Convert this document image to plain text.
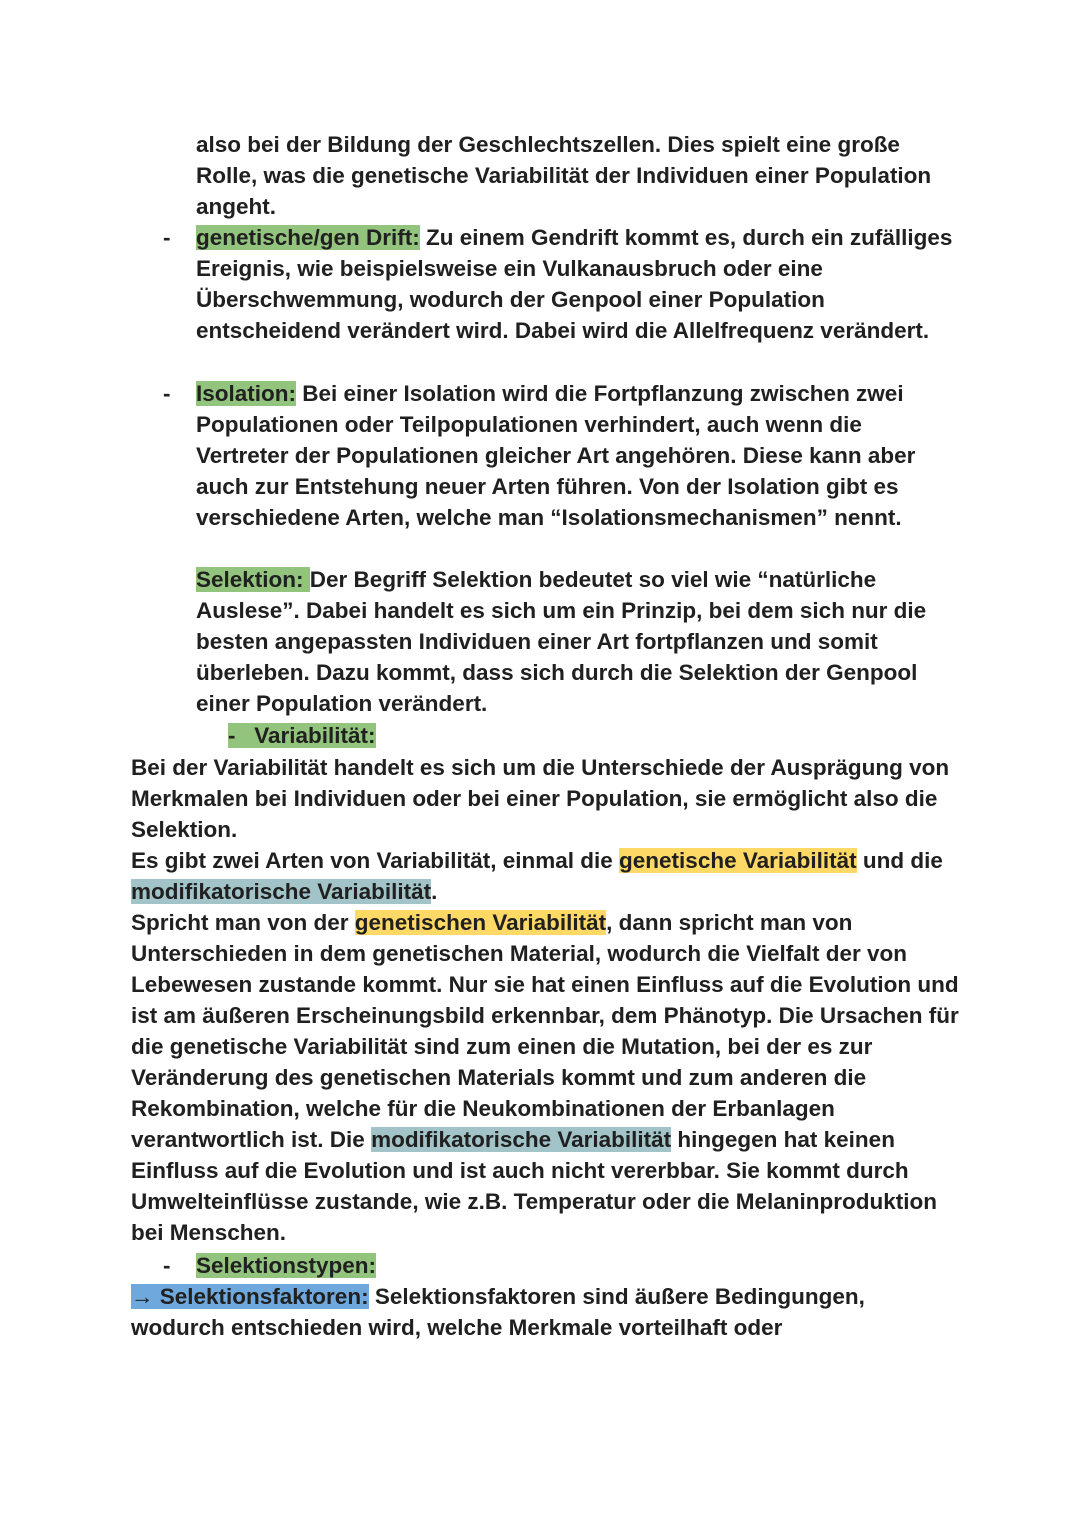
also bei der Bildung der Geschlechtszellen. Dies spielt eine große Rolle, was die genetische Variabilität der Individuen einer Population angeht.

- genetische/gen Drift: Zu einem Gendrift kommt es, durch ein zufälliges Ereignis, wie beispielsweise ein Vulkanausbruch oder eine Überschwemmung, wodurch der Genpool einer Population entscheidend verändert wird. Dabei wird die Allelfrequenz verändert.

- Isolation: Bei einer Isolation wird die Fortpflanzung zwischen zwei Populationen oder Teilpopulationen verhindert, auch wenn die Vertreter der Populationen gleicher Art angehören. Diese kann aber auch zur Entstehung neuer Arten führen. Von der Isolation gibt es verschiedene Arten, welche man “Isolationsmechanismen” nennt.

Selektion: Der Begriff Selektion bedeutet so viel wie “natürliche Auslese”. Dabei handelt es sich um ein Prinzip, bei dem sich nur die besten angepassten Individuen einer Art fortpflanzen und somit überleben. Dazu kommt, dass sich durch die Selektion der Genpool einer Population verändert.

-   Variabilität:

Bei der Variabilität handelt es sich um die Unterschiede der Ausprägung von Merkmalen bei Individuen oder bei einer Population, sie ermöglicht also die Selektion.

Es gibt zwei Arten von Variabilität, einmal die genetische Variabilität und die modifikatorische Variabilität.

Spricht man von der genetischen Variabilität, dann spricht man von Unterschieden in dem genetischen Material, wodurch die Vielfalt der von Lebewesen zustande kommt. Nur sie hat einen Einfluss auf die Evolution und ist am äußeren Erscheinungsbild erkennbar, dem Phänotyp. Die Ursachen für die genetische Variabilität sind zum einen die Mutation, bei der es zur Veränderung des genetischen Materials kommt und zum anderen die Rekombination, welche für die Neukombinationen der Erbanlagen verantwortlich ist. Die modifikatorische Variabilität hingegen hat keinen Einfluss auf die Evolution und ist auch nicht vererbbar. Sie kommt durch Umwelteinflüsse zustande, wie z.B. Temperatur oder die Melaninproduktion bei Menschen.

- Selektionstypen:

→ Selektionsfaktoren: Selektionsfaktoren sind äußere Bedingungen, wodurch entschieden wird, welche Merkmale vorteilhaft oder
